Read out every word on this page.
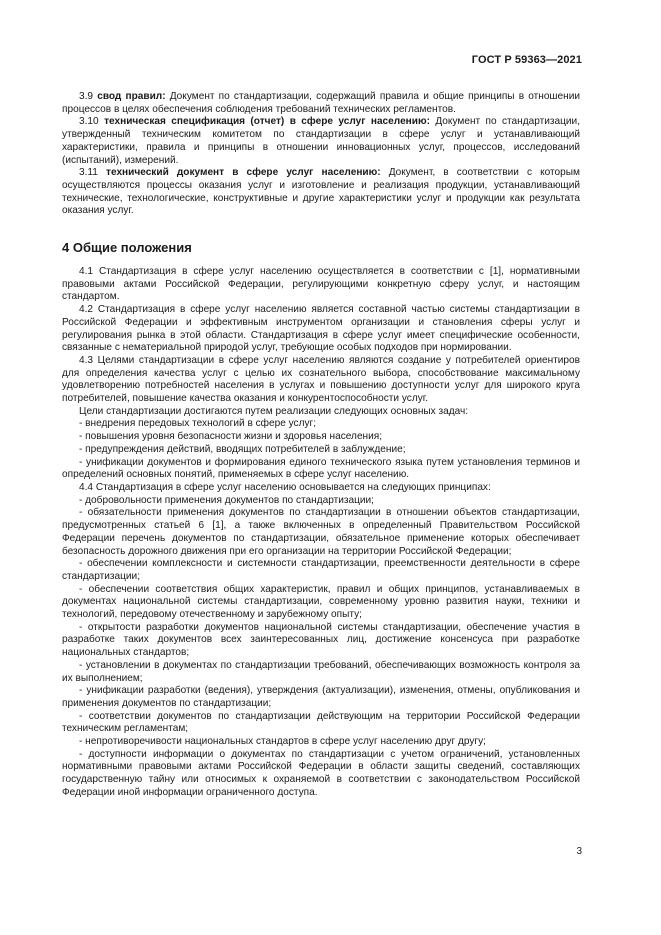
ГОСТ Р 59363—2021

3.9 свод правил: Документ по стандартизации, содержащий правила и общие принципы в отношении процессов в целях обеспечения соблюдения требований технических регламентов.

3.10 техническая спецификация (отчет) в сфере услуг населению: Документ по стандартизации, утвержденный техническим комитетом по стандартизации в сфере услуг и устанавливающий характеристики, правила и принципы в отношении инновационных услуг, процессов, исследований (испытаний), измерений.

3.11 технический документ в сфере услуг населению: Документ, в соответствии с которым осуществляются процессы оказания услуг и изготовление и реализация продукции, устанавливающий технические, технологические, конструктивные и другие характеристики услуг и продукции как результата оказания услуг.

4 Общие положения

4.1 Стандартизация в сфере услуг населению осуществляется в соответствии с [1], нормативными правовыми актами Российской Федерации, регулирующими конкретную сферу услуг, и настоящим стандартом.

4.2 Стандартизация в сфере услуг населению является составной частью системы стандартизации в Российской Федерации и эффективным инструментом организации и становления сферы услуг и регулирования рынка в этой области. Стандартизация в сфере услуг имеет специфические особенности, связанные с нематериальной природой услуг, требующие особых подходов при нормировании.

4.3 Целями стандартизации в сфере услуг населению являются создание у потребителей ориентиров для определения качества услуг с целью их сознательного выбора, способствование максимальному удовлетворению потребностей населения в услугах и повышению доступности услуг для широкого круга потребителей, повышение качества оказания и конкурентоспособности услуг.

Цели стандартизации достигаются путем реализации следующих основных задач:

- внедрения передовых технологий в сфере услуг;

- повышения уровня безопасности жизни и здоровья населения;

- предупреждения действий, вводящих потребителей в заблуждение;

- унификации документов и формирования единого технического языка путем установления терминов и определений основных понятий, применяемых в сфере услуг населению.

4.4 Стандартизация в сфере услуг населению основывается на следующих принципах:

- добровольности применения документов по стандартизации;

- обязательности применения документов по стандартизации в отношении объектов стандартизации, предусмотренных статьей 6 [1], а также включенных в определенный Правительством Российской Федерации перечень документов по стандартизации, обязательное применение которых обеспечивает безопасность дорожного движения при его организации на территории Российской Федерации;

- обеспечении комплексности и системности стандартизации, преемственности деятельности в сфере стандартизации;

- обеспечении соответствия общих характеристик, правил и общих принципов, устанавливаемых в документах национальной системы стандартизации, современному уровню развития науки, техники и технологий, передовому отечественному и зарубежному опыту;

- открытости разработки документов национальной системы стандартизации, обеспечение участия в разработке таких документов всех заинтересованных лиц, достижение консенсуса при разработке национальных стандартов;

- установлении в документах по стандартизации требований, обеспечивающих возможность контроля за их выполнением;

- унификации разработки (ведения), утверждения (актуализации), изменения, отмены, опубликования и применения документов по стандартизации;

- соответствии документов по стандартизации действующим на территории Российской Федерации техническим регламентам;

- непротиворечивости национальных стандартов в сфере услуг населению друг другу;

- доступности информации о документах по стандартизации с учетом ограничений, установленных нормативными правовыми актами Российской Федерации в области защиты сведений, составляющих государственную тайну или относимых к охраняемой в соответствии с законодательством Российской Федерации иной информации ограниченного доступа.

3
